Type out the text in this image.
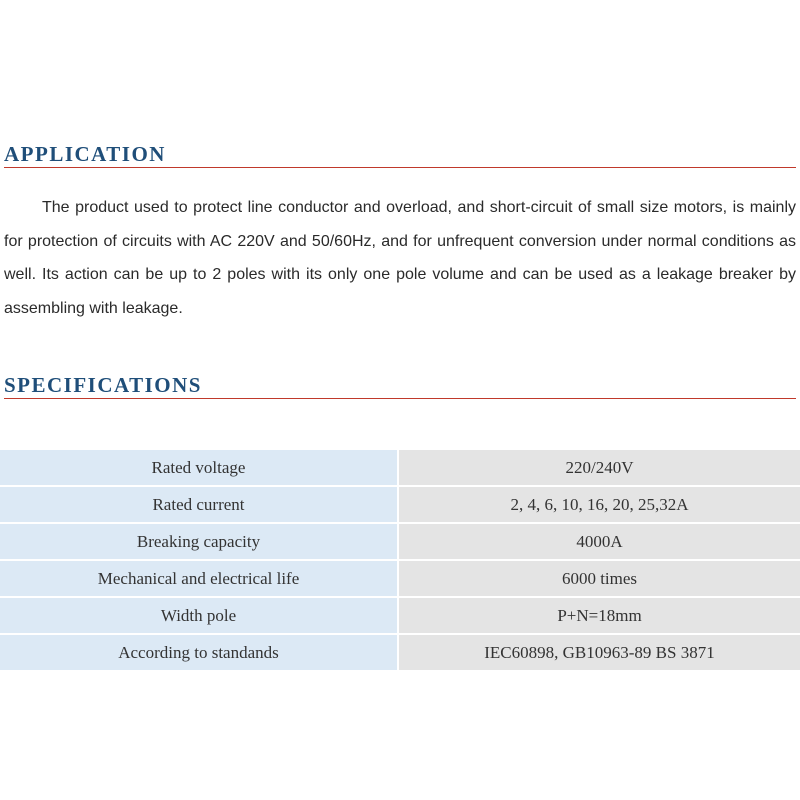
APPLICATION

The product used to protect line conductor and overload, and short-circuit of small size motors, is mainly for protection of circuits with AC 220V and 50/60Hz, and for unfrequent conversion under normal conditions as well. Its action can be up to 2 poles with its only one pole volume and can be used as a leakage breaker by assembling with leakage.

SPECIFICATIONS
Rated voltage	220/240V
Rated current	2, 4, 6, 10, 16, 20, 25,32A
Breaking capacity	4000A
Mechanical and electrical life	6000 times
Width pole	P+N=18mm
According to standands	IEC60898, GB10963-89 BS 3871
